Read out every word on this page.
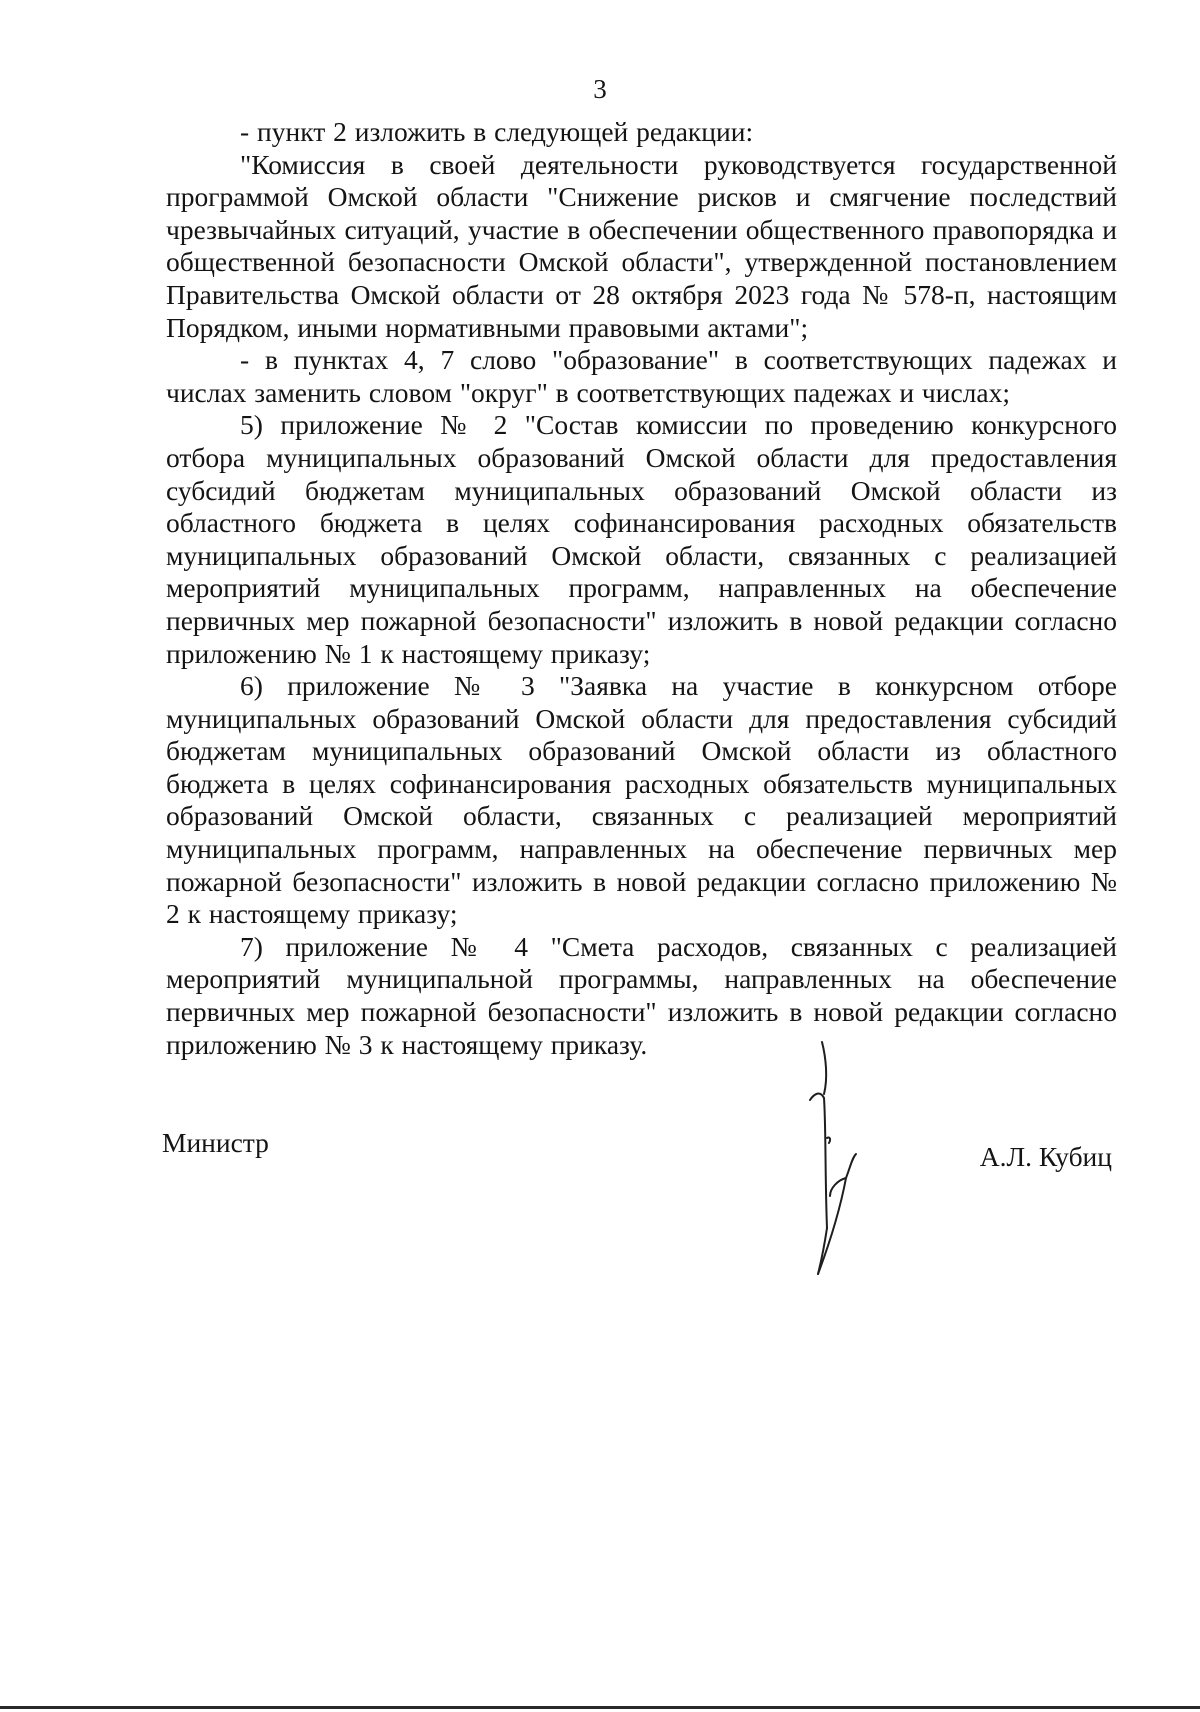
3

- пункт 2 изложить в следующей редакции:

"Комиссия в своей деятельности руководствуется государственной программой Омской области "Снижение рисков и смягчение последствий чрезвычайных ситуаций, участие в обеспечении общественного правопорядка и общественной безопасности Омской области", утвержденной постановлением Правительства Омской области от 28 октября 2023 года № 578-п, настоящим Порядком, иными нормативными правовыми актами";

- в пунктах 4, 7 слово "образование" в соответствующих падежах и числах заменить словом "округ" в соответствующих падежах и числах;

5) приложение № 2 "Состав комиссии по проведению конкурсного отбора муниципальных образований Омской области для предоставления субсидий бюджетам муниципальных образований Омской области из областного бюджета в целях софинансирования расходных обязательств муниципальных образований Омской области, связанных с реализацией мероприятий муниципальных программ, направленных на обеспечение первичных мер пожарной безопасности" изложить в новой редакции согласно приложению № 1 к настоящему приказу;

6) приложение № 3 "Заявка на участие в конкурсном отборе муниципальных образований Омской области для предоставления субсидий бюджетам муниципальных образований Омской области из областного бюджета в целях софинансирования расходных обязательств муниципальных образований Омской области, связанных с реализацией мероприятий муниципальных программ, направленных на обеспечение первичных мер пожарной безопасности" изложить в новой редакции согласно приложению № 2 к настоящему приказу;

7) приложение № 4 "Смета расходов, связанных с реализацией мероприятий муниципальной программы, направленных на обеспечение первичных мер пожарной безопасности" изложить в новой редакции согласно приложению № 3 к настоящему приказу.

Министр	А.Л. Кубиц
